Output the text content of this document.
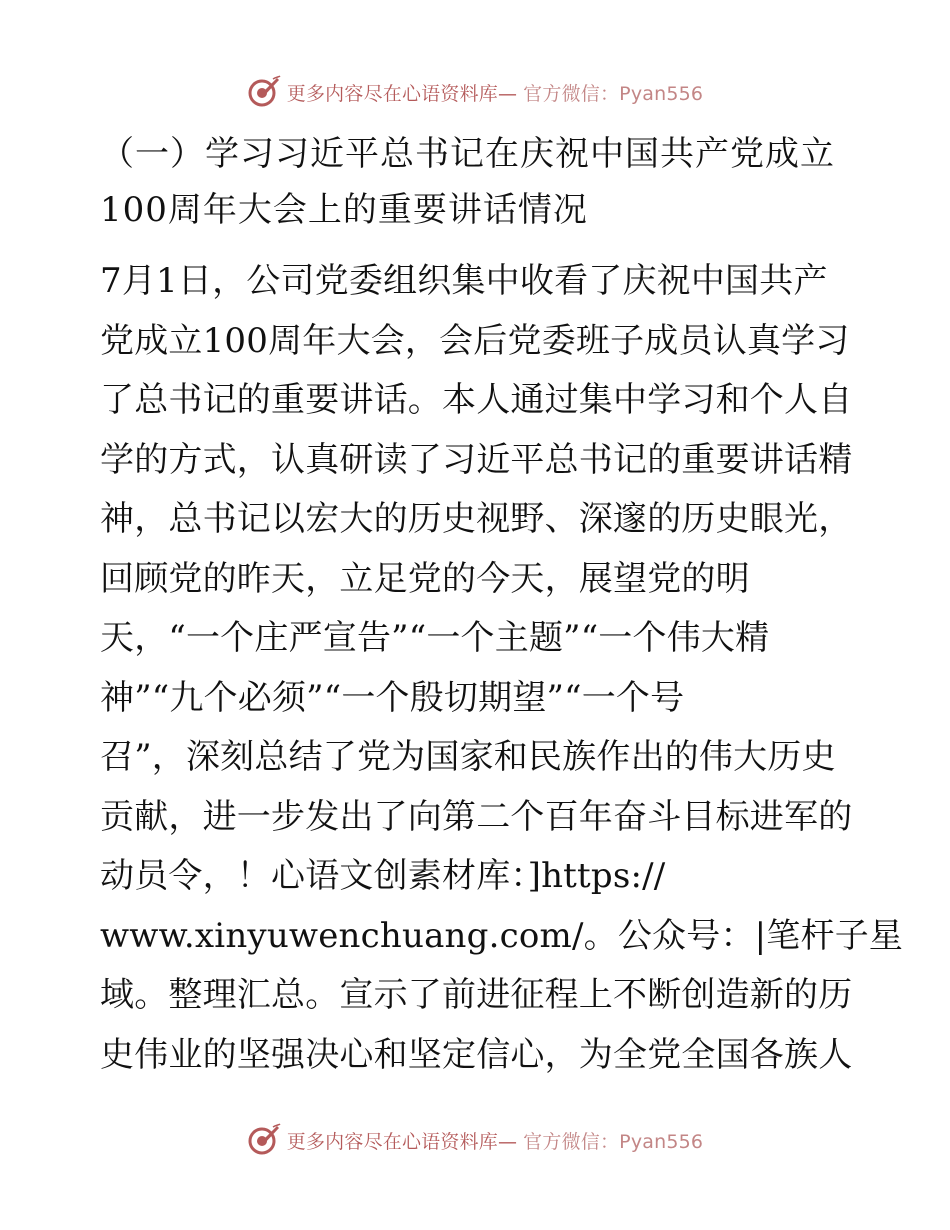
更多内容尽在心语资料库— 官方微信：Pyan556
（一）学习习近平总书记在庆祝中国共产党成立
100周年大会上的重要讲话情况

7月1日，公司党委组织集中收看了庆祝中国共产
党成立100周年大会，会后党委班子成员认真学习
了总书记的重要讲话。本人通过集中学习和个人自
学的方式，认真研读了习近平总书记的重要讲话精
神，总书记以宏大的历史视野、深邃的历史眼光，
回顾党的昨天，立足党的今天，展望党的明
天，“一个庄严宣告”“一个主题”“一个伟大精
神”“九个必须”“一个殷切期望”“一个号
召”，深刻总结了党为国家和民族作出的伟大历史
贡献，进一步发出了向第二个百年奋斗目标进军的
动员令，！心语文创素材库：]https://
www.xinyuwenchuang.com/。公众号：|笔杆子星
域。整理汇总。宣示了前进征程上不断创造新的历
史伟业的坚强决心和坚定信心，为全党全国各族人

更多内容尽在心语资料库— 官方微信：Pyan556
